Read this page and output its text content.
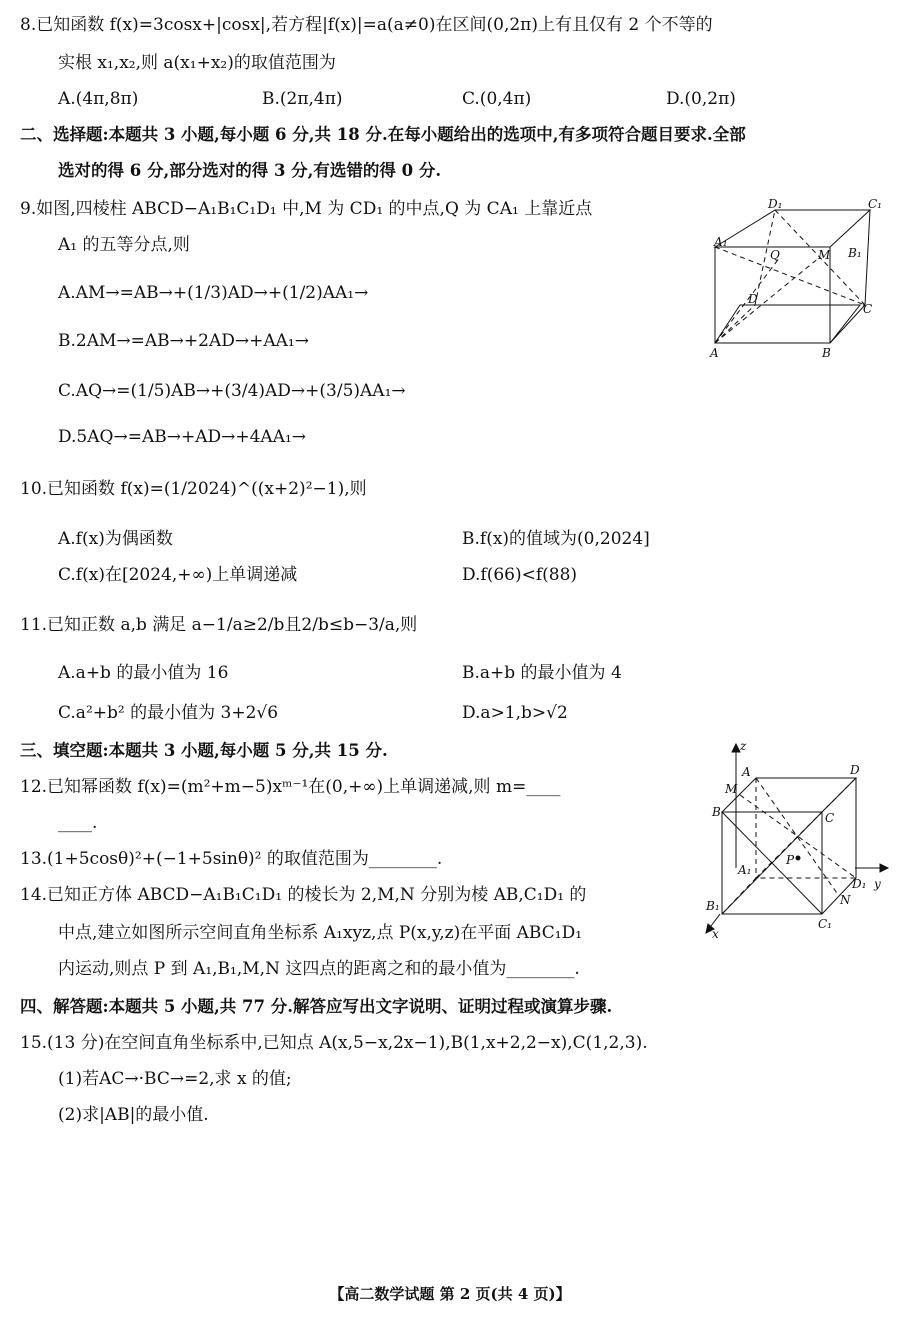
8.已知函数 f(x)=3cosx+|cosx|,若方程|f(x)|=a(a≠0)在区间(0,2π)上有且仅有 2 个不等的
实根 x₁,x₂,则 a(x₁+x₂)的取值范围为
A.(4π,8π)	B.(2π,4π)	C.(0,4π)	D.(0,2π)
二、选择题:本题共 3 小题,每小题 6 分,共 18 分.在每小题给出的选项中,有多项符合题目要求.全部
选对的得 6 分,部分选对的得 3 分,有选错的得 0 分.
9.如图,四棱柱 ABCD−A₁B₁C₁D₁ 中,M 为 CD₁ 的中点,Q 为 CA₁ 上靠近点
A₁ 的五等分点,则
A.AM→=AB→+(1/3)AD→+(1/2)AA₁→
B.2AM→=AB→+2AD→+AA₁→
C.AQ→=(1/5)AB→+(3/4)AD→+(3/5)AA₁→
D.5AQ→=AB→+AD→+4AA₁→
D₁	C₁
A₁
Q	M B₁
D
C
A	B
10.已知函数 f(x)=(1/2024)^((x+2)²−1),则
A.f(x)为偶函数	B.f(x)的值域为(0,2024]
C.f(x)在[2024,+∞)上单调递减	D.f(66)<f(88)
11.已知正数 a,b 满足 a−1/a≥2/b且2/b≤b−3/a,则
A.a+b 的最小值为 16	B.a+b 的最小值为 4
C.a²+b² 的最小值为 3+2√6	D.a>1,b>√2
三、填空题:本题共 3 小题,每小题 5 分,共 15 分.
12.已知幂函数 f(x)=(m²+m−5)xᵐ⁻¹在(0,+∞)上单调递减,则 m=____
____.
13.(1+5cosθ)²+(−1+5sinθ)² 的取值范围为________.
14.已知正方体 ABCD−A₁B₁C₁D₁ 的棱长为 2,M,N 分别为棱 AB,C₁D₁ 的
中点,建立如图所示空间直角坐标系 A₁xyz,点 P(x,y,z)在平面 ABC₁D₁
内运动,则点 P 到 A₁,B₁,M,N 这四点的距离之和的最小值为________.
z
A	D
M
B	C
P
A₁
D₁ y
B₁	N
C₁
x
四、解答题:本题共 5 小题,共 77 分.解答应写出文字说明、证明过程或演算步骤.
15.(13 分)在空间直角坐标系中,已知点 A(x,5−x,2x−1),B(1,x+2,2−x),C(1,2,3).
(1)若AC→·BC→=2,求 x 的值;
(2)求|AB|的最小值.
【高二数学试题 第 2 页(共 4 页)】
